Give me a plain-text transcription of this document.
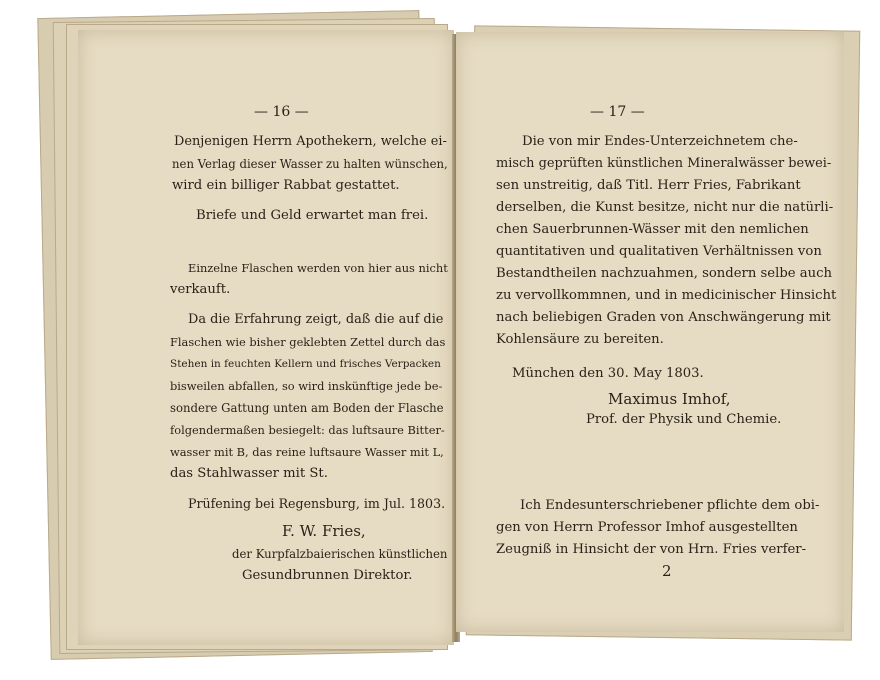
— 16 —
Denjenigen Herrn Apothekern, welche ei-
nen Verlag dieser Wasser zu halten wünschen,
wird ein billiger Rabbat gestattet.
Briefe und Geld erwartet man frei.
Einzelne Flaschen werden von hier aus nicht
verkauft.
Da die Erfahrung zeigt, daß die auf die
Flaschen wie bisher geklebten Zettel durch das
Stehen in feuchten Kellern und frisches Verpacken
bisweilen abfallen, so wird inskünftige jede be-
sondere Gattung unten am Boden der Flasche
folgendermaßen besiegelt: das luftsaure Bitter-
wasser mit B, das reine luftsaure Wasser mit L,
das Stahlwasser mit St.
Prüfening bei Regensburg, im Jul. 1803.
F. W. Fries,
der Kurpfalzbaierischen künstlichen
Gesundbrunnen Direktor.
— 17 —
Die von mir Endes-Unterzeichnetem che-
misch geprüften künstlichen Mineralwässer bewei-
sen unstreitig, daß Titl. Herr Fries, Fabrikant
derselben, die Kunst besitze, nicht nur die natürli-
chen Sauerbrunnen-Wässer mit den nemlichen
quantitativen und qualitativen Verhältnissen von
Bestandtheilen nachzuahmen, sondern selbe auch
zu vervollkommnen, und in medicinischer Hinsicht
nach beliebigen Graden von Anschwängerung mit
Kohlensäure zu bereiten.
München den 30. May 1803.
Maximus Imhof,
Prof. der Physik und Chemie.
Ich Endesunterschriebener pflichte dem obi-
gen von Herrn Professor Imhof ausgestellten
Zeugniß in Hinsicht der von Hrn. Fries verfer-
2
